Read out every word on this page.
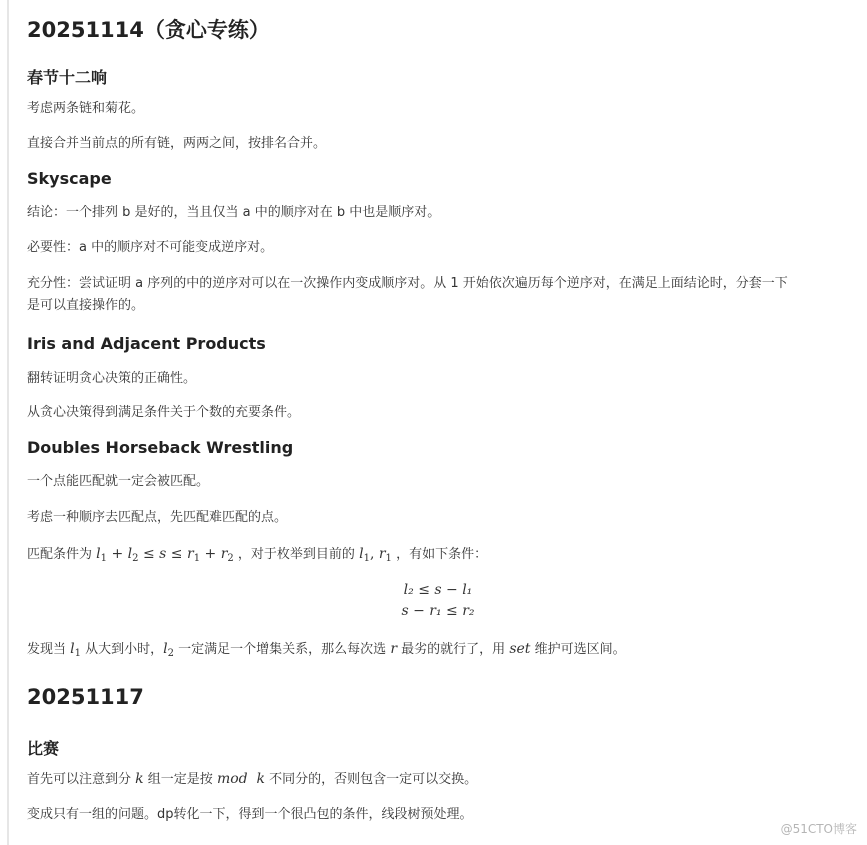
20251114（贪心专练）
春节十二响

考虑两条链和菊花。

直接合并当前点的所有链，两两之间，按排名合并。

Skyscape

结论：一个排列 b 是好的，当且仅当 a 中的顺序对在 b 中也是顺序对。

必要性：a 中的顺序对不可能变成逆序对。

充分性：尝试证明 a 序列的中的逆序对可以在一次操作内变成顺序对。从 1 开始依次遍历每个逆序对，在满足上面结论时，分套一下
是可以直接操作的。

Iris and Adjacent Products

翻转证明贪心决策的正确性。

从贪心决策得到满足条件关于个数的充要条件。

Doubles Horseback Wrestling

一个点能匹配就一定会被匹配。

考虑一种顺序去匹配点，先匹配难匹配的点。

匹配条件为 $l_1 + l_2 \le s \le r_1 + r_2$ ，对于枚举到目前的 $l_1$, $r_1$ ，有如下条件：

l₂ ≤ s − l₁
s − r₁ ≤ r₂

发现当 $l_1$ 从大到小时，$l_2$ 一定满足一个增集关系，那么每次选 r 最劣的就行了，用 set 维护可选区间。

20251117
比赛

首先可以注意到分 k 组一定是按 mod  k 不同分的，否则包含一定可以交换。

变成只有一组的问题。dp转化一下，得到一个很凸包的条件，线段树预处理。

@51CTO博客
